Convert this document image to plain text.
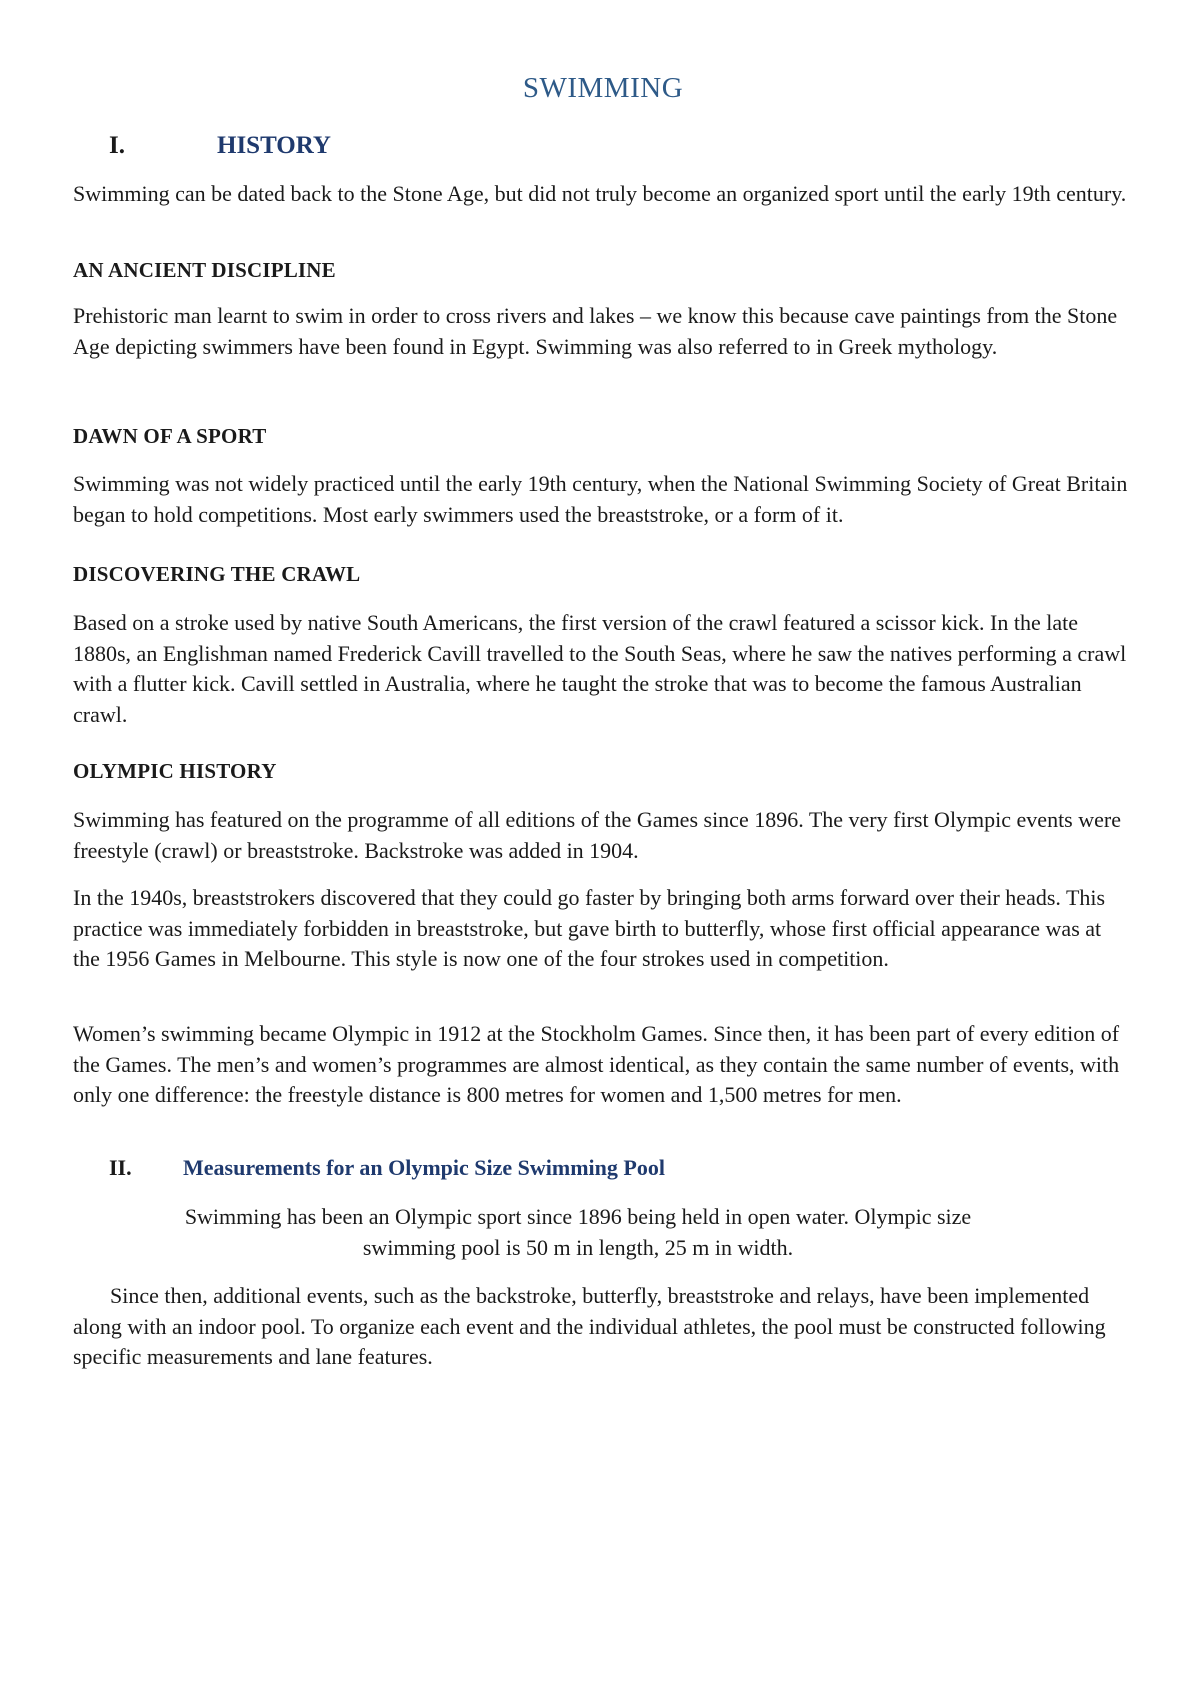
SWIMMING
I.	HISTORY

Swimming can be dated back to the Stone Age, but did not truly become an organized sport until the early 19th century.

AN ANCIENT DISCIPLINE

Prehistoric man learnt to swim in order to cross rivers and lakes – we know this because cave paintings from the Stone Age depicting swimmers have been found in Egypt. Swimming was also referred to in Greek mythology.

DAWN OF A SPORT

Swimming was not widely practiced until the early 19th century, when the National Swimming Society of Great Britain began to hold competitions. Most early swimmers used the breaststroke, or a form of it.

DISCOVERING THE CRAWL

Based on a stroke used by native South Americans, the first version of the crawl featured a scissor kick. In the late 1880s, an Englishman named Frederick Cavill travelled to the South Seas, where he saw the natives performing a crawl with a flutter kick. Cavill settled in Australia, where he taught the stroke that was to become the famous Australian crawl.

OLYMPIC HISTORY

Swimming has featured on the programme of all editions of the Games since 1896. The very first Olympic events were freestyle (crawl) or breaststroke. Backstroke was added in 1904.

In the 1940s, breaststrokers discovered that they could go faster by bringing both arms forward over their heads. This practice was immediately forbidden in breaststroke, but gave birth to butterfly, whose first official appearance was at the 1956 Games in Melbourne. This style is now one of the four strokes used in competition.

Women’s swimming became Olympic in 1912 at the Stockholm Games. Since then, it has been part of every edition of the Games. The men’s and women’s programmes are almost identical, as they contain the same number of events, with only one difference: the freestyle distance is 800 metres for women and 1,500 metres for men.

II. Measurements for an Olympic Size Swimming Pool

Swimming has been an Olympic sport since 1896 being held in open water. Olympic size swimming pool is 50 m in length, 25 m in width.

Since then, additional events, such as the backstroke, butterfly, breaststroke and relays, have been implemented along with an indoor pool. To organize each event and the individual athletes, the pool must be constructed following specific measurements and lane features.
